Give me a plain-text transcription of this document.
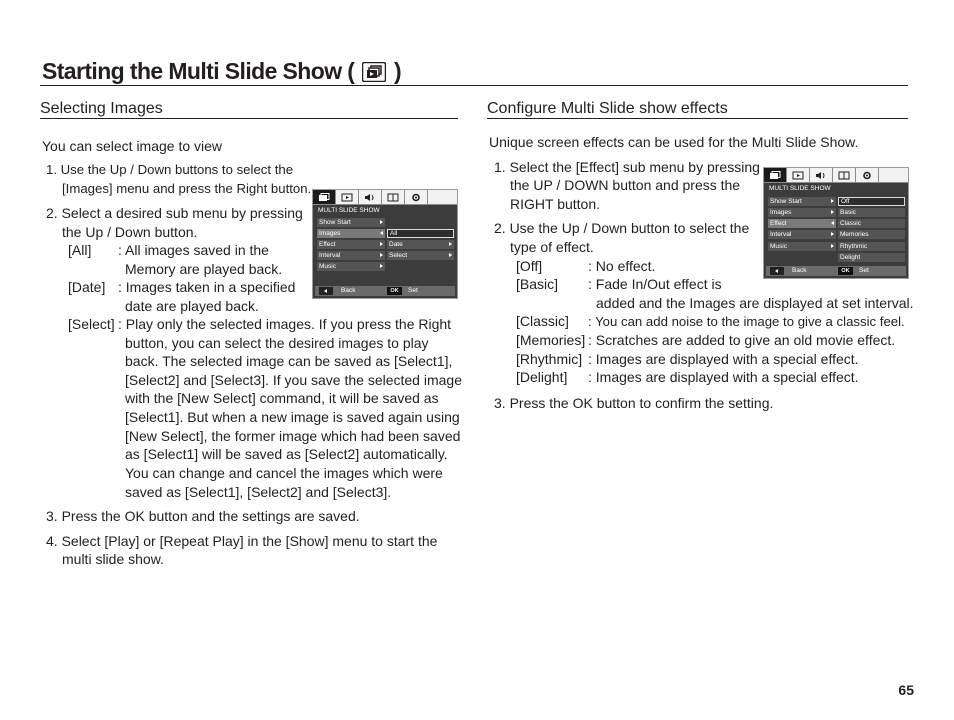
Starting the Multi Slide Show ( )
Selecting Images
You can select image to view
1. Use the Up / Down buttons to select the
[Images] menu and press the Right button.
2. Select a desired sub menu by pressing
the Up / Down button.
[All] : All images saved in the
Memory are played back.
[Date] : Images taken in a specified
date are played back.
[Select] : Play only the selected images. If you press the Right
button, you can select the desired images to play
back. The selected image can be saved as [Select1],
[Select2] and [Select3]. If you save the selected image
with the [New Select] command, it will be saved as
[Select1]. But when a new image is saved again using
[New Select], the former image which had been saved
as [Select1] will be saved as [Select2] automatically.
You can change and cancel the images which were
saved as [Select1], [Select2] and [Select3].
3. Press the OK button and the settings are saved.
4. Select [Play] or [Repeat Play] in the [Show] menu to start the
multi slide show.
MULTI SLIDE SHOW
Show Start
Images
Effect
Interval
Music
All
Date
Select
Back	OK	Set
Configure Multi Slide show effects
Unique screen effects can be used for the Multi Slide Show.
1. Select the [Effect] sub menu by pressing
the UP / DOWN button and press the
RIGHT button.
2. Use the Up / Down button to select the
type of effect.
[Off]	: No effect.
[Basic] : Fade In/Out effect is
added and the Images are displayed at set interval.
[Classic] : You can add noise to the image to give a classic feel.
[Memories] : Scratches are added to give an old movie effect.
[Rhythmic] : Images are displayed with a special effect.
[Delight] : Images are displayed with a special effect.
3. Press the OK button to confirm the setting.
MULTI SLIDE SHOW
Show Start
Images
Effect
Interval
Music
Off
Basic
Classic
Memories
Rhythmic
Delight
Back	OK	Set
65
